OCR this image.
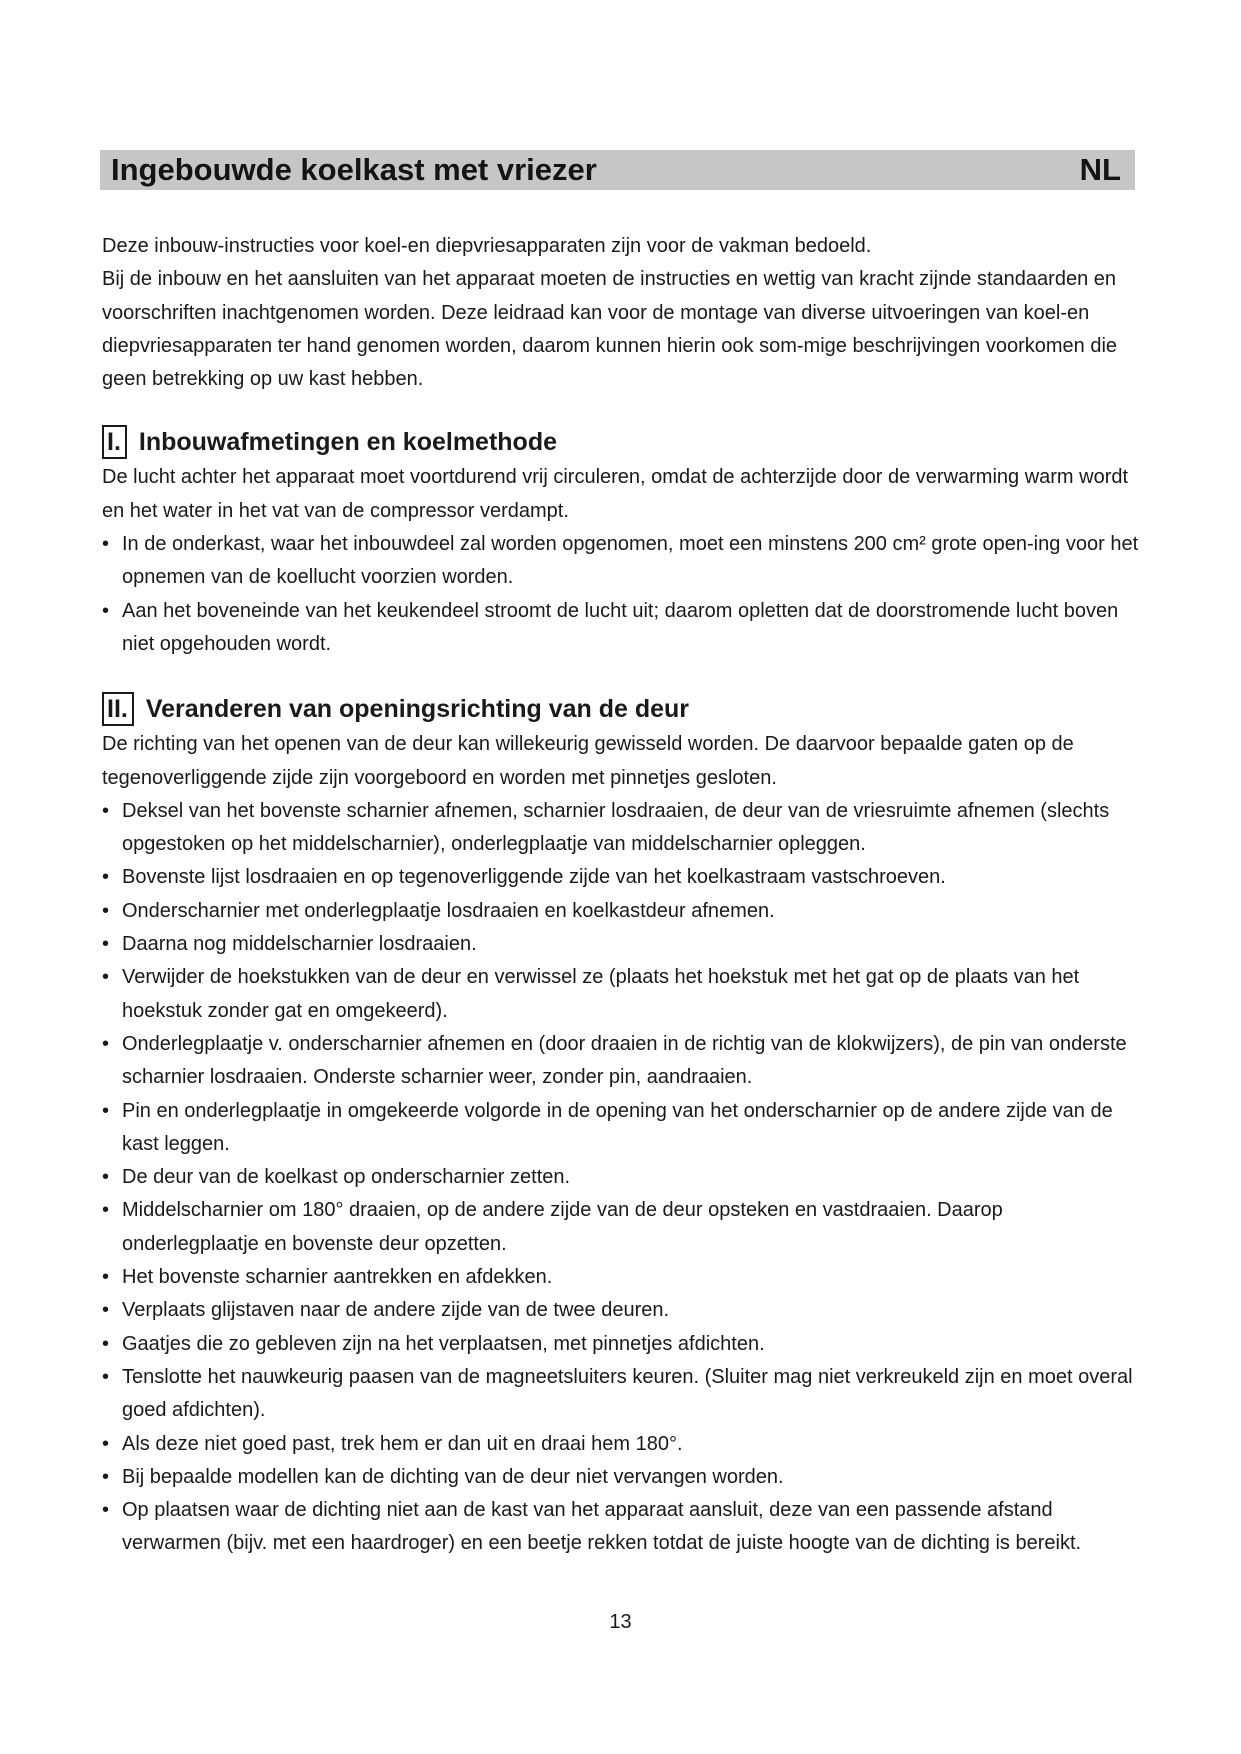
Ingebouwde koelkast met vriezer	NL

Deze inbouw-instructies voor koel-en diepvriesapparaten zijn voor de vakman bedoeld.

Bij de inbouw en het aansluiten van het apparaat moeten de instructies en wettig van kracht zijnde standaarden en voorschriften inachtgenomen worden. Deze leidraad kan voor de montage van diverse uitvoeringen van koel-en diepvriesapparaten ter hand genomen worden, daarom kunnen hierin ook som-mige beschrijvingen voorkomen die geen betrekking op uw kast hebben.

I. Inbouwafmetingen en koelmethode

De lucht achter het apparaat moet voortdurend vrij circuleren, omdat de achterzijde door de verwarming warm wordt en het water in het vat van de compressor verdampt.

• In de onderkast, waar het inbouwdeel zal worden opgenomen, moet een minstens 200 cm² grote open-ing voor het opnemen van de koellucht voorzien worden.
• Aan het boveneinde van het keukendeel stroomt de lucht uit; daarom opletten dat de doorstromende lucht boven niet opgehouden wordt.
II. Veranderen van openingsrichting van de deur

De richting van het openen van de deur kan willekeurig gewisseld worden. De daarvoor bepaalde gaten op de tegenoverliggende zijde zijn voorgeboord en worden met pinnetjes gesloten.

• Deksel van het bovenste scharnier afnemen, scharnier losdraaien, de deur van de vriesruimte afnemen (slechts opgestoken op het middelscharnier), onderlegplaatje van middelscharnier opleggen.
• Bovenste lijst losdraaien en op tegenoverliggende zijde van het koelkastraam vastschroeven.
• Onderscharnier met onderlegplaatje losdraaien en koelkastdeur afnemen.
• Daarna nog middelscharnier losdraaien.
• Verwijder de hoekstukken van de deur en verwissel ze (plaats het hoekstuk met het gat op de plaats van het hoekstuk zonder gat en omgekeerd).
• Onderlegplaatje v. onderscharnier afnemen en (door draaien in de richtig van de klokwijzers), de pin van onderste scharnier losdraaien. Onderste scharnier weer, zonder pin, aandraaien.
• Pin en onderlegplaatje in omgekeerde volgorde in de opening van het onderscharnier op de andere zijde van de kast leggen.
• De deur van de koelkast op onderscharnier zetten.
• Middelscharnier om 180° draaien, op de andere zijde van de deur opsteken en vastdraaien. Daarop onderlegplaatje en bovenste deur opzetten.
• Het bovenste scharnier aantrekken en afdekken.
• Verplaats glijstaven naar de andere zijde van de twee deuren.
• Gaatjes die zo gebleven zijn na het verplaatsen, met pinnetjes afdichten.
• Tenslotte het nauwkeurig paasen van de magneetsluiters keuren. (Sluiter mag niet verkreukeld zijn en moet overal goed afdichten).
• Als deze niet goed past, trek hem er dan uit en draai hem 180°.
• Bij bepaalde modellen kan de dichting van de deur niet vervangen worden.
• Op plaatsen waar de dichting niet aan de kast van het apparaat aansluit, deze van een passende afstand verwarmen (bijv. met een haardroger) en een beetje rekken totdat de juiste hoogte van de dichting is bereikt.
13
